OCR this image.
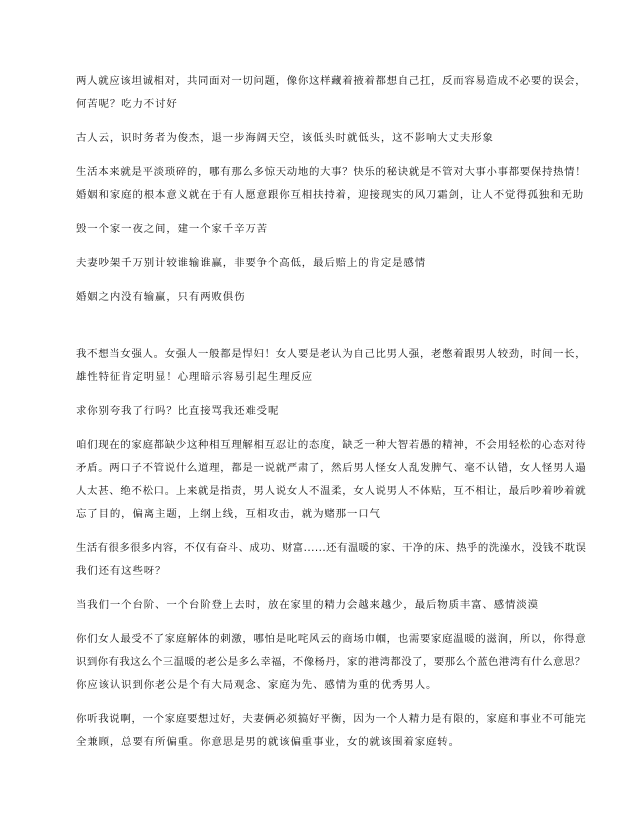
两人就应该坦诚相对，共同面对一切问题，像你这样藏着掖着都想自己扛，反而容易造成不必要的误会，
何苦呢？吃力不讨好

古人云，识时务者为俊杰，退一步海阔天空，该低头时就低头，这不影响大丈夫形象

生活本来就是平淡琐碎的，哪有那么多惊天动地的大事？快乐的秘诀就是不管对大事小事都要保持热情！

婚姻和家庭的根本意义就在于有人愿意跟你互相扶持着，迎接现实的风刀霜剑，让人不觉得孤独和无助

毁一个家一夜之间，建一个家千辛万苦

夫妻吵架千万别计较谁输谁赢，非要争个高低，最后赔上的肯定是感情

婚姻之内没有输赢，只有两败俱伤

我不想当女强人。女强人一般都是悍妇！女人要是老认为自己比男人强，老憋着跟男人较劲，时间一长，
雄性特征肯定明显！心理暗示容易引起生理反应

求你别夸我了行吗？比直接骂我还难受呢

咱们现在的家庭都缺少这种相互理解相互忍让的态度，缺乏一种大智若愚的精神，不会用轻松的心态对待
矛盾。两口子不管说什么道理，都是一说就严肃了，然后男人怪女人乱发脾气、毫不认错，女人怪男人遢
人太甚、绝不松口。上来就是指责，男人说女人不温柔，女人说男人不体贴，互不相让，最后吵着吵着就
忘了目的，偏离主题，上纲上线，互相攻击，就为赌那一口气

生活有很多很多内容，不仅有奋斗、成功、财富......还有温暖的家、干净的床、热乎的洗澡水，没钱不耽误
我们还有这些呀？

当我们一个台阶、一个台阶登上去时，放在家里的精力会越来越少，最后物质丰富、感情淡漠

你们女人最受不了家庭解体的刺激，哪怕是叱咤风云的商场巾帼，也需要家庭温暖的滋润，所以，你得意
识到你有我这么个三温暖的老公是多么幸福，不像杨丹，家的港湾都没了，要那么个蓝色港湾有什么意思？
你应该认识到你老公是个有大局观念、家庭为先、感情为重的优秀男人。

你听我说啊，一个家庭要想过好，夫妻俩必须搞好平衡，因为一个人精力是有限的，家庭和事业不可能完
全兼顾，总要有所偏重。你意思是男的就该偏重事业，女的就该围着家庭转。
